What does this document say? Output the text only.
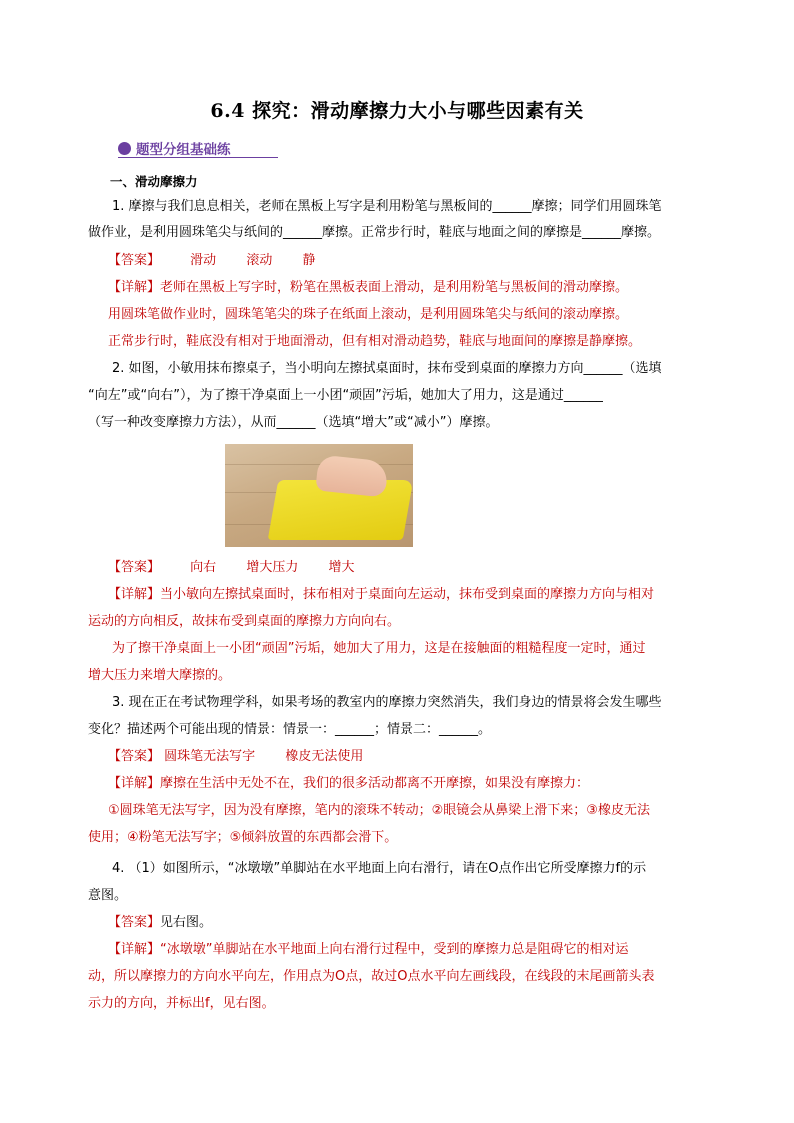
6.4 探究：滑动摩擦力大小与哪些因素有关
题型分组基础练
一、滑动摩擦力
1. 摩擦与我们息息相关，老师在黑板上写字是利用粉笔与黑板间的______摩擦；同学们用圆珠笔
做作业，是利用圆珠笔尖与纸间的______摩擦。正常步行时，鞋底与地面之间的摩擦是______摩擦。
【答案】 滑动 滚动 静
【详解】老师在黑板上写字时，粉笔在黑板表面上滑动，是利用粉笔与黑板间的滑动摩擦。
用圆珠笔做作业时，圆珠笔笔尖的珠子在纸面上滚动，是利用圆珠笔尖与纸间的滚动摩擦。
正常步行时，鞋底没有相对于地面滑动，但有相对滑动趋势，鞋底与地面间的摩擦是静摩擦。
2. 如图，小敏用抹布擦桌子，当小明向左擦拭桌面时，抹布受到桌面的摩擦力方向______（选填
“向左”或“向右”），为了擦干净桌面上一小团“顽固”污垢，她加大了用力，这是通过______
（写一种改变摩擦力方法），从而______（选填“增大”或“减小”）摩擦。
【答案】 向右 增大压力 增大
【详解】当小敏向左擦拭桌面时，抹布相对于桌面向左运动，抹布受到桌面的摩擦力方向与相对
运动的方向相反，故抹布受到桌面的摩擦力方向向右。
为了擦干净桌面上一小团“顽固”污垢，她加大了用力，这是在接触面的粗糙程度一定时，通过
增大压力来增大摩擦的。
3. 现在正在考试物理学科，如果考场的教室内的摩擦力突然消失，我们身边的情景将会发生哪些
变化？描述两个可能出现的情景：情景一：______；情景二：______。
【答案】 圆珠笔无法写字 橡皮无法使用
【详解】摩擦在生活中无处不在，我们的很多活动都离不开摩擦，如果没有摩擦力：
①圆珠笔无法写字，因为没有摩擦，笔内的滚珠不转动；②眼镜会从鼻梁上滑下来；③橡皮无法
使用；④粉笔无法写字；⑤倾斜放置的东西都会滑下。
4. （1）如图所示，“冰墩墩”单脚站在水平地面上向右滑行，请在O点作出它所受摩擦力f的示
意图。
【答案】见右图。
【详解】“冰墩墩”单脚站在水平地面上向右滑行过程中，受到的摩擦力总是阻碍它的相对运
动，所以摩擦力的方向水平向左，作用点为O点，故过O点水平向左画线段，在线段的末尾画箭头表
示力的方向，并标出f，见右图。
